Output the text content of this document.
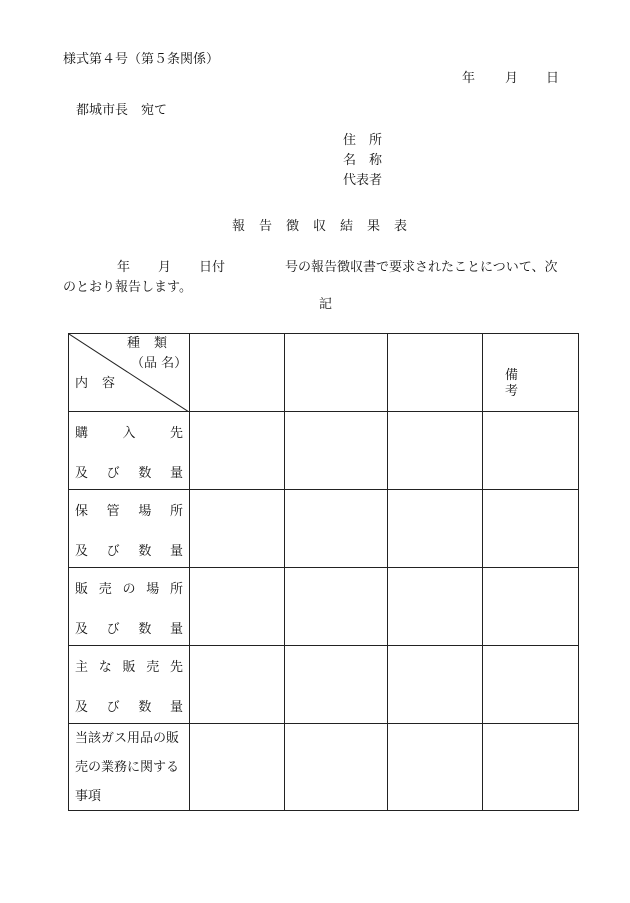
様式第４号（第５条関係）
年 月 日
都城市長　宛て
住　所
名　称
代表者
報告徴収結果表
年 月 日付	号の報告徴収書で要求されたことについて、次
のとおり報告します。
記
種類
（品 名）
内容				備考

購入先
及び数量				

保管場所
及び数量				

販売の場所
及び数量				

主な販売先
及び数量				

当該ガス用品の販
売の業務に関する
事項				
